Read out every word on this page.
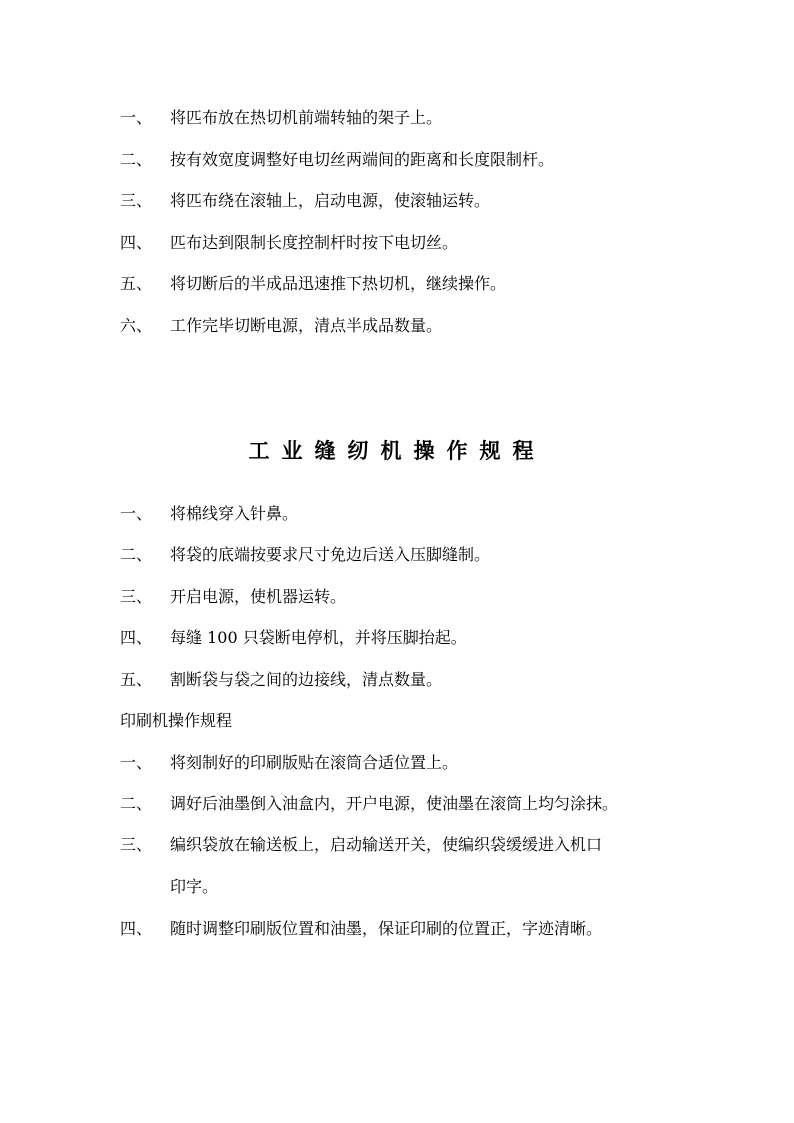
一、 将匹布放在热切机前端转轴的架子上。
二、 按有效宽度调整好电切丝两端间的距离和长度限制杆。
三、 将匹布绕在滚轴上，启动电源，使滚轴运转。
四、 匹布达到限制长度控制杆时按下电切丝。
五、 将切断后的半成品迅速推下热切机，继续操作。
六、 工作完毕切断电源，清点半成品数量。
工业缝纫机操作规程
一、 将棉线穿入针鼻。
二、 将袋的底端按要求尺寸免边后送入压脚缝制。
三、 开启电源，使机器运转。
四、 每缝 100 只袋断电停机，并将压脚抬起。
五、 割断袋与袋之间的边接线，清点数量。
印刷机操作规程
一、 将刻制好的印刷版贴在滚筒合适位置上。
二、 调好后油墨倒入油盒内，开户电源，使油墨在滚筒上均匀涂抹。
三、 编织袋放在输送板上，启动输送开关，使编织袋缓缓进入机口
印字。
四、 随时调整印刷版位置和油墨，保证印刷的位置正，字迹清晰。
